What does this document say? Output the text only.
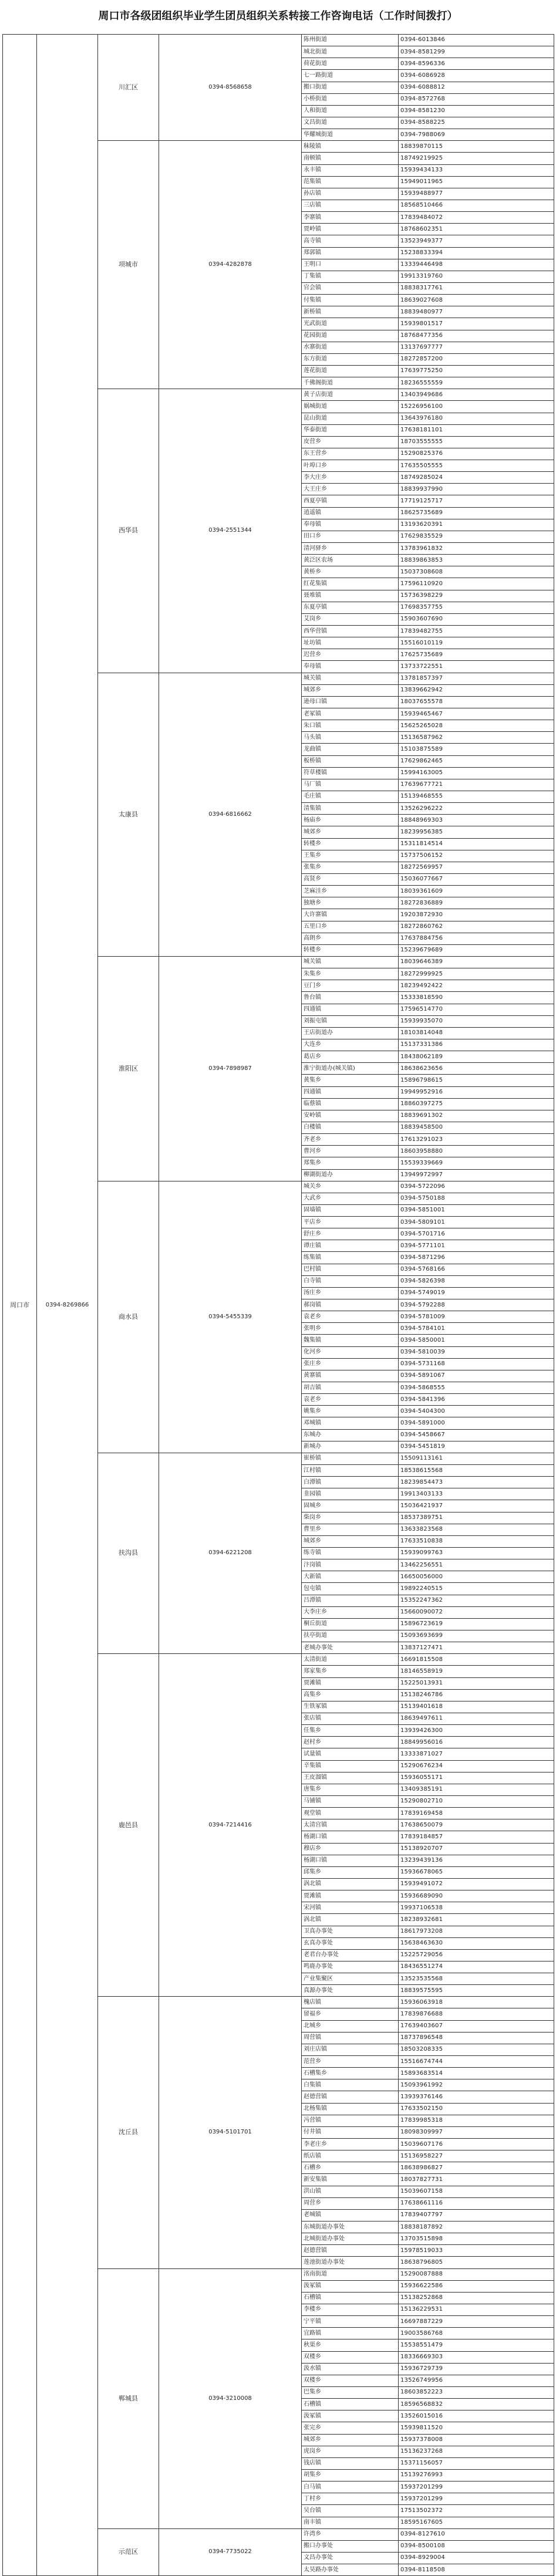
周口市各级团组织毕业学生团员组织关系转接工作咨询电话（工作时间拨打）
周口市	0394-8269866	川汇区	0394-8568658	陈州街道	0394-6013846
				城北街道	0394-8581299
				荷花街道	0394-8596336
				七一路街道	0394-6086928
				搬口街道	0394-6088812
				小桥街道	0394-8572768
				人和街道	0394-8581230
				文昌街道	0394-8588225
				华耀城街道	0394-7988069
		项城市	0394-4282878	秣陵镇	18839870115
				南顿镇	18749219925
				永丰镇	15939434133
				范集镇	15949011965
				孙店镇	15939488977
				三店镇	18568510466
				李寨镇	17839484072
				贾岭镇	18768602351
				高寺镇	13523949377
				郑郭镇	15238833394
				王明口	13339446498
				丁集镇	19913319760
				官会镇	18838317761
				付集镇	18639027608
				新桥镇	18839480977
				光武街道	15939801517
				花园街道	18768477356
				水寨街道	13137697777
				东方街道	18272857200
				莲花街道	17639775250
				千佛阁街道	18236555559
		西华县	0394-2551344	黄子店街道	13403949686
				娲城街道	15226956100
				昆山街道	13643976180
				华泰街道	17638181101
				皮营乡	18703555555
				东王营乡	15290825376
				叶埠口乡	17635505555
				李大庄乡	18749285024
				大王庄乡	18839937990
				西夏亭镇	17719125717
				逍遥镇	18625735689
				奉母镇	13193620391
				田口乡	17629835529
				清河驿乡	13783961832
				黄泛区农场	18839863853
				黄桥乡	15037308608
				红花集镇	17596110920
				聂堆镇	15736398229
				东夏亭镇	17698357755
				艾岗乡	15903607690
				西华营镇	17839482755
				址坊镇	15516010119
				迟营乡	17625735689
				奉母镇	13733722551
		太康县	0394-6816662	城关镇	13781857397
				城郊乡	13839662942
				逊母口镇	18037655578
				老冢镇	15939465467
				朱口镇	15625265028
				马头镇	15136587962
				龙曲镇	15103875589
				板桥镇	17629862465
				符草楼镇	15994163005
				马厂镇	17639677721
				毛庄镇	15139468555
				清集镇	13526296222
				杨庙乡	18848969303
				城郊乡	18239956385
				转楼乡	15311814514
				王集乡	15737506152
				张集乡	18272569957
				高贤乡	15036077667
				芝麻洼乡	18039361609
				独塘乡	18272836889
				大许寨镇	19203872930
				五里口乡	18272860762
				高朗乡	17637884756
				转楼乡	15239679689
		淮阳区	0394-7898987	城关镇	18039646389
				朱集乡	18272999925
				豆门乡	18239492422
				鲁台镇	15333818590
				四通镇	17596514770
				刘振屯镇	15939935070
				王店街道办	18103814048
				大连乡	15137331386
				葛店乡	18438062189
				淮宁街道办(城关镇)	18638623656
				黄集乡	15896798615
				四通镇	19949952916
				临蔡镇	18860397275
				安岭镇	18839691302
				白楼镇	18839458500
				齐老乡	17613291023
				曹河乡	18603958880
				郑集乡	15539339669
				柳湖街道办	13949972997
		商水县	0394-5455339	城关乡	0394-5722096
				大武乡	0394-5750188
				固墙镇	0394-5851001
				平店乡	0394-5809101
				舒庄乡	0394-5701716
				谭庄镇	0394-5771101
				练集镇	0394-5871296
				巴村镇	0394-5768166
				白寺镇	0394-5826398
				汤庄乡	0394-5749019
				郝岗镇	0394-5792288
				袁老乡	0394-5781009
				张明乡	0394-5784101
				魏集镇	0394-5850001
				化河乡	0394-5810039
				张庄乡	0394-5731168
				黄寨镇	0394-5891067
				胡吉镇	0394-5868555
				袁老乡	0394-5841396
				姚集乡	0394-5404300
				邓城镇	0394-5891000
				东城办	0394-5458667
				新城办	0394-5451819
		扶沟县	0394-6221208	崔桥镇	15509113161
				江村镇	18538615568
				白潭镇	18239854473
				韭园镇	19913403133
				固城乡	15036421937
				柴岗乡	18537389751
				曹里乡	13633823568
				城郊乡	17633510838
				练寺镇	15939099763
				汴岗镇	13462256551
				大新镇	16650056000
				包屯镇	19892240515
				吕潭镇	15352247362
				大李庄乡	15660090072
				桐丘街道	15896723619
				扶亭街道	15093693699
				老城办事处	13837127471
		鹿邑县	0394-7214416	太清街道	16691815508
				郑家集乡	18146558919
				贾滩镇	15225013931
				高集乡	15138246786
				生铁冢镇	15139401618
				张店镇	18639497611
				任集乡	13939426300
				赵村乡	18849956016
				试量镇	13333871027
				辛集镇	15290676234
				王皮溜镇	15936055171
				唐集乡	13409385191
				马铺镇	15290802710
				观堂镇	17839169458
				太清宫镇	17638650079
				杨湖口镇	17839184857
				穆店乡	15138920707
				杨湖口镇	13239439136
				邱集乡	15936678065
				涡北镇	15939491072
				贾滩镇	15936689090
				宋河镇	19937106538
				涡北镇	18238932681
				卫真办事处	18617973208
				玄真办事处	15638463630
				老君台办事处	15225729056
				鸣鹿办事处	18436551274
				产业集聚区	13523535568
				真源办事处	18839575595
		沈丘县	0394-5101701	槐店镇	15936063918
				留福乡	17839876688
				北城乡	17639403607
				周营镇	18737896548
				刘庄店镇	18503208335
				范营乡	15516674744
				石槽集乡	15893683514
				白集镇	15093961992
				赵德营镇	13939376146
				北杨集镇	17633502150
				冯营镇	17839985318
				付井镇	18098309997
				李老庄乡	15039607176
				纸店镇	15136958227
				石槽乡	18638986827
				新安集镇	18037827731
				洪山镇	15039607158
				周营乡	17638661116
				老城镇	17839407797
				东城街道办事处	18838187892
				北城街道办事处	13703515898
				赵德营镇	15978519033
				莲池街道办事处	18638796805
		郸城县	0394-3210008	洺南街道	15290087888
				汲冢镇	15936622586
				石槽镇	15138252868
				李楼乡	15136229531
				宁平镇	16697887229
				宜路镇	19003586768
				秋渠乡	15538551479
				双楼乡	18336669303
				汲水镇	15936729739
				双楼乡	13526749956
				巴集乡	18603852223
				石槽镇	18596568832
				汲冢镇	13526015016
				张完乡	15939811520
				城郊乡	15937378008
				虎岗乡	15136237268
				钱店镇	15371156057
				胡集乡	15139276993
				白马镇	15937201299
				丁村乡	15937201299
				吴台镇	17513502372
				南丰镇	18595167605
		示范区	0394-7735022	许湾乡	0394-8127610
				搬口办事处	0394-8500108
				文昌办事处	0394-8929004
				太昊路办事处	0394-8118508
